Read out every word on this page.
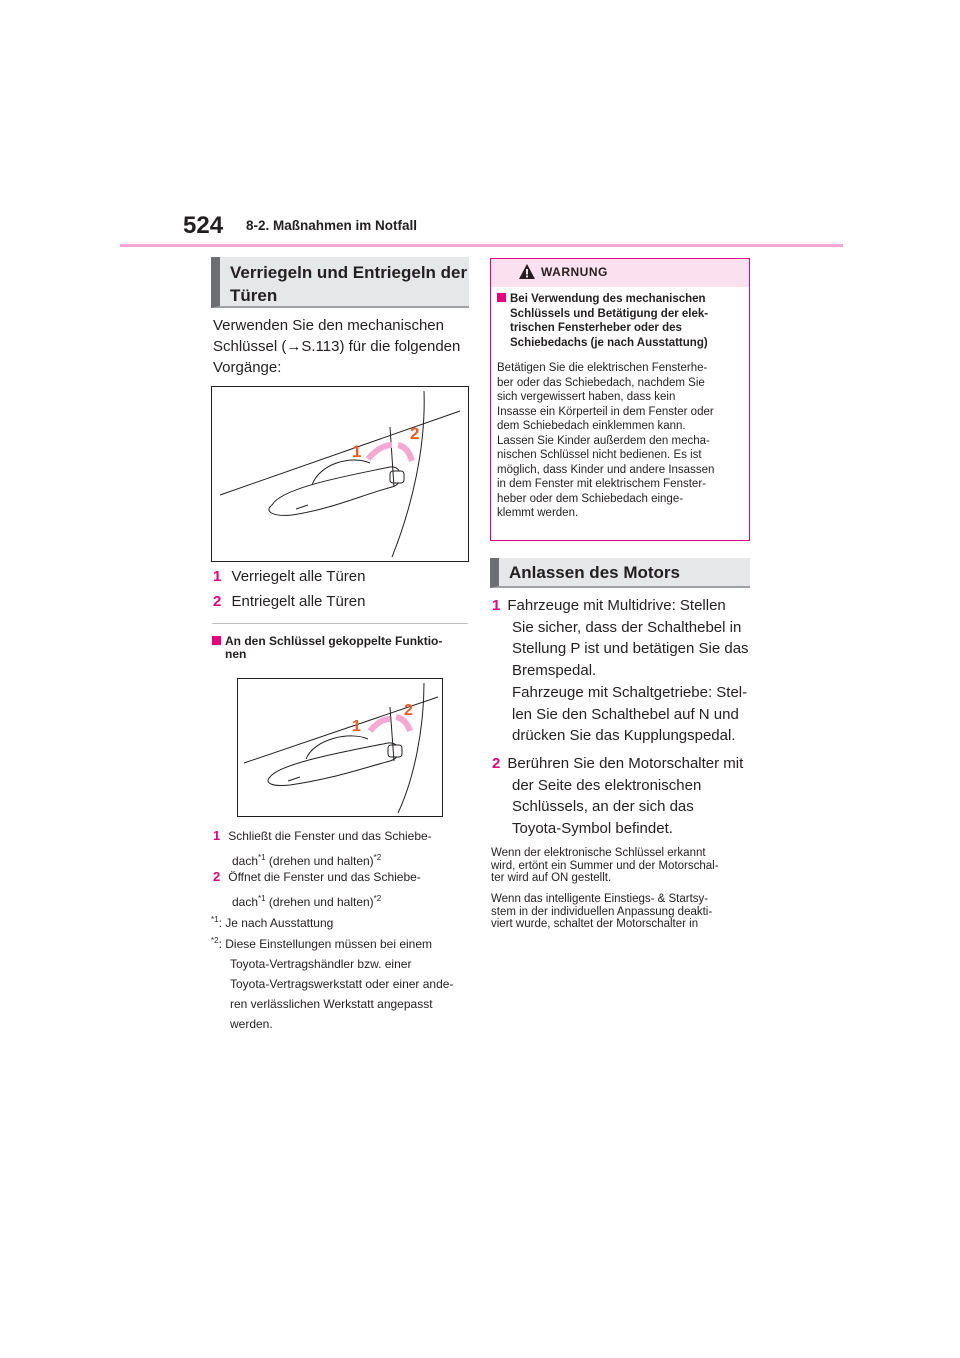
524 8-2. Maßnahmen im Notfall
Verriegeln und Entriegeln der
Türen
Verwenden Sie den mechanischen
Schlüssel (→S.113) für die folgenden
Vorgänge:
1
2
1 Verriegelt alle Türen
2 Entriegelt alle Türen
An den Schlüssel gekoppelte Funktio-
nen
1
2
1 Schließt die Fenster und das Schiebe-
dach$^{*1}$ (drehen und halten)$^{*2}$
2 Öffnet die Fenster und das Schiebe-
dach$^{*1}$ (drehen und halten)$^{*2}$
$^{*1}$: Je nach Ausstattung
$^{*2}$: Diese Einstellungen müssen bei einem
Toyota-Vertragshändler bzw. einer
Toyota-Vertragswerkstatt oder einer ande-
ren verlässlichen Werkstatt angepasst
werden.
WARNUNG
Bei Verwendung des mechanischen
Schlüssels und Betätigung der elek-
trischen Fensterheber oder des
Schiebedachs (je nach Ausstattung)
Betätigen Sie die elektrischen Fensterhe-
ber oder das Schiebedach, nachdem Sie
sich vergewissert haben, dass kein
Insasse ein Körperteil in dem Fenster oder
dem Schiebedach einklemmen kann.
Lassen Sie Kinder außerdem den mecha-
nischen Schlüssel nicht bedienen. Es ist
möglich, dass Kinder und andere Insassen
in dem Fenster mit elektrischem Fenster-
heber oder dem Schiebedach einge-
klemmt werden.
Anlassen des Motors
1 Fahrzeuge mit Multidrive: Stellen
Sie sicher, dass der Schalthebel in
Stellung P ist und betätigen Sie das
Bremspedal.
Fahrzeuge mit Schaltgetriebe: Stel-
len Sie den Schalthebel auf N und
drücken Sie das Kupplungspedal.
2 Berühren Sie den Motorschalter mit
der Seite des elektronischen
Schlüssels, an der sich das
Toyota-Symbol befindet.
Wenn der elektronische Schlüssel erkannt
wird, ertönt ein Summer und der Motorschal-
ter wird auf ON gestellt.
Wenn das intelligente Einstiegs- & Startsy-
stem in der individuellen Anpassung deakti-
viert wurde, schaltet der Motorschalter in
